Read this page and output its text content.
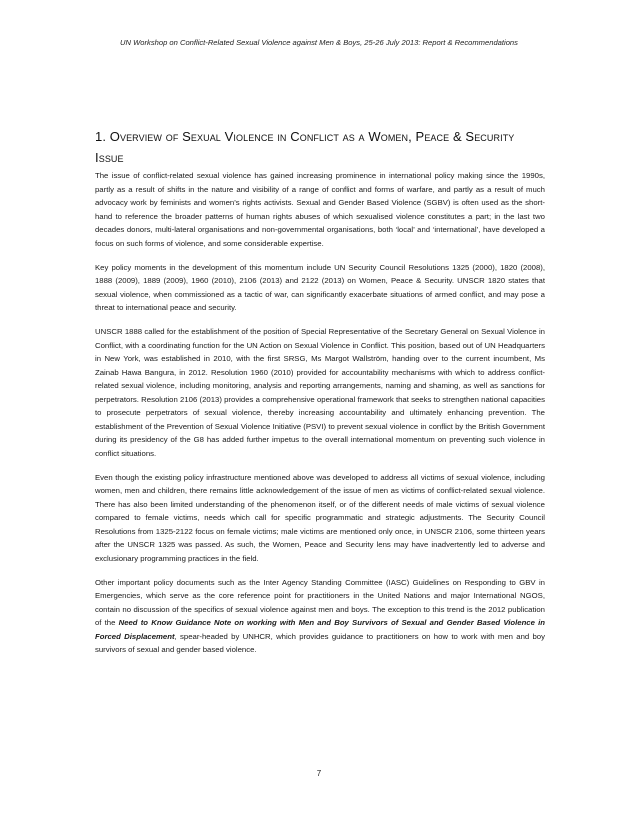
UN Workshop on Conflict-Related Sexual Violence against Men & Boys, 25-26 July 2013: Report & Recommendations
1. Overview of Sexual Violence in Conflict as a Women, Peace & Security Issue

The issue of conflict-related sexual violence has gained increasing prominence in international policy making since the 1990s, partly as a result of shifts in the nature and visibility of a range of conflict and forms of warfare, and partly as a result of much advocacy work by feminists and women’s rights activists. Sexual and Gender Based Violence (SGBV) is often used as the short-hand to reference the broader patterns of human rights abuses of which sexualised violence constitutes a part; in the last two decades donors, multi-lateral organisations and non-governmental organisations, both ‘local’ and ‘international’, have developed a focus on such forms of violence, and some considerable expertise.

Key policy moments in the development of this momentum include UN Security Council Resolutions 1325 (2000), 1820 (2008), 1888 (2009), 1889 (2009), 1960 (2010), 2106 (2013) and 2122 (2013) on Women, Peace & Security. UNSCR 1820 states that sexual violence, when commissioned as a tactic of war, can significantly exacerbate situations of armed conflict, and may pose a threat to international peace and security.

UNSCR 1888 called for the establishment of the position of Special Representative of the Secretary General on Sexual Violence in Conflict, with a coordinating function for the UN Action on Sexual Violence in Conflict. This position, based out of UN Headquarters in New York, was established in 2010, with the first SRSG, Ms Margot Wallström, handing over to the current incumbent, Ms Zainab Hawa Bangura, in 2012. Resolution 1960 (2010) provided for accountability mechanisms with which to address conflict-related sexual violence, including monitoring, analysis and reporting arrangements, naming and shaming, as well as sanctions for perpetrators. Resolution 2106 (2013) provides a comprehensive operational framework that seeks to strengthen national capacities to prosecute perpetrators of sexual violence, thereby increasing accountability and ultimately enhancing prevention. The establishment of the Prevention of Sexual Violence Initiative (PSVI) to prevent sexual violence in conflict by the British Government during its presidency of the G8 has added further impetus to the overall international momentum on preventing such violence in conflict situations.

Even though the existing policy infrastructure mentioned above was developed to address all victims of sexual violence, including women, men and children, there remains little acknowledgement of the issue of men as victims of conflict-related sexual violence. There has also been limited understanding of the phenomenon itself, or of the different needs of male victims of sexual violence compared to female victims, needs which call for specific programmatic and strategic adjustments. The Security Council Resolutions from 1325-2122 focus on female victims; male victims are mentioned only once, in UNSCR 2106, some thirteen years after the UNSCR 1325 was passed. As such, the Women, Peace and Security lens may have inadvertently led to adverse and exclusionary programming practices in the field.

Other important policy documents such as the Inter Agency Standing Committee (IASC) Guidelines on Responding to GBV in Emergencies, which serve as the core reference point for practitioners in the United Nations and major International NGOS, contain no discussion of the specifics of sexual violence against men and boys. The exception to this trend is the 2012 publication of the Need to Know Guidance Note on working with Men and Boy Survivors of Sexual and Gender Based Violence in Forced Displacement, spear-headed by UNHCR, which provides guidance to practitioners on how to work with men and boy survivors of sexual and gender based violence.

7
